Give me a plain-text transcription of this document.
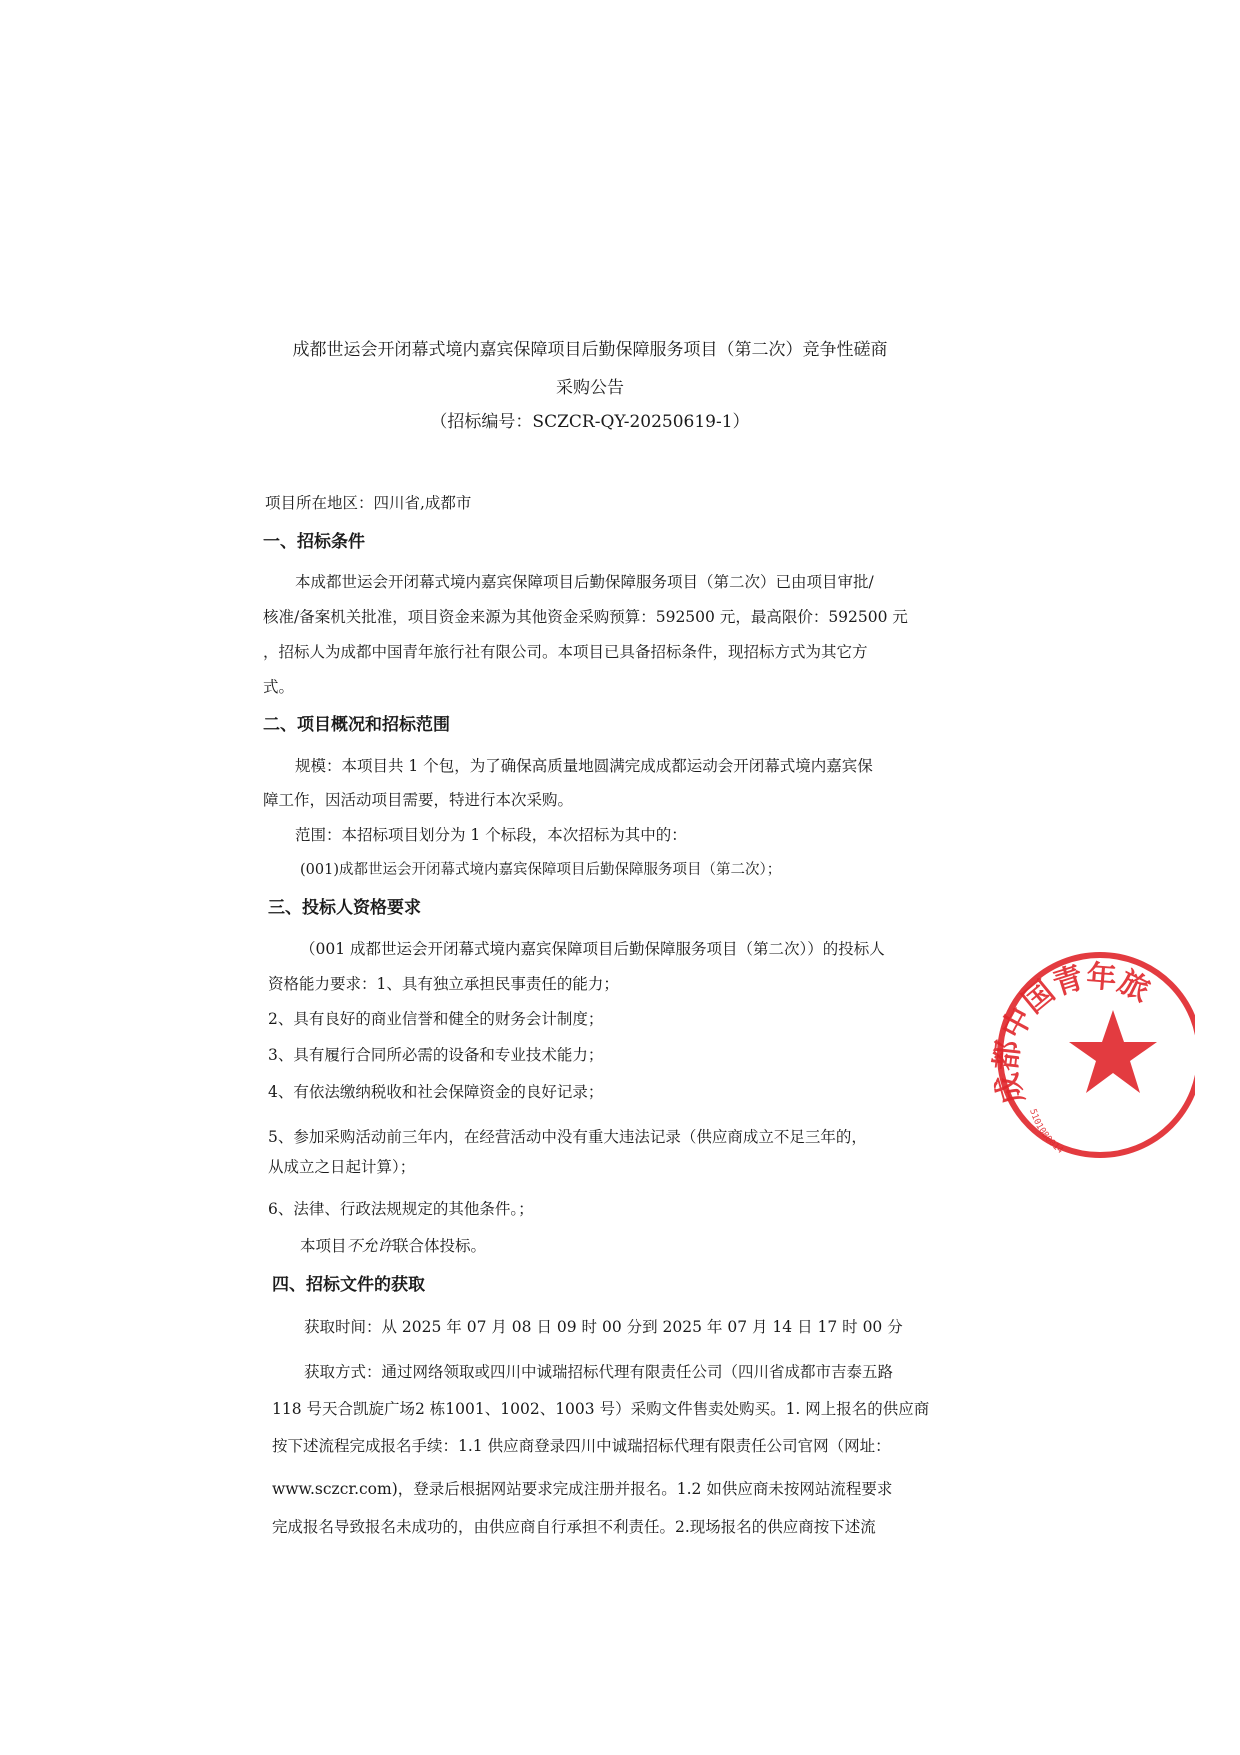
成都世运会开闭幕式境内嘉宾保障项目后勤保障服务项目（第二次）竞争性磋商
采购公告
（招标编号：SCZCR-QY-20250619-1）
项目所在地区：四川省,成都市
一、招标条件
本成都世运会开闭幕式境内嘉宾保障项目后勤保障服务项目（第二次）已由项目审批/
核准/备案机关批准，项目资金来源为其他资金采购预算：592500 元，最高限价：592500 元
，招标人为成都中国青年旅行社有限公司。本项目已具备招标条件，现招标方式为其它方
式。
二、项目概况和招标范围
规模：本项目共 1 个包，为了确保高质量地圆满完成成都运动会开闭幕式境内嘉宾保
障工作，因活动项目需要，特进行本次采购。
范围：本招标项目划分为 1 个标段，本次招标为其中的：
(001)成都世运会开闭幕式境内嘉宾保障项目后勤保障服务项目（第二次）；
三、投标人资格要求
（001 成都世运会开闭幕式境内嘉宾保障项目后勤保障服务项目（第二次））的投标人
资格能力要求：1、具有独立承担民事责任的能力；
2、具有良好的商业信誉和健全的财务会计制度；
3、具有履行合同所必需的设备和专业技术能力；
4、有依法缴纳税收和社会保障资金的良好记录；
5、参加采购活动前三年内，在经营活动中没有重大违法记录（供应商成立不足三年的，
从成立之日起计算）；
6、法律、行政法规规定的其他条件。；
本项目不允许联合体投标。
四、招标文件的获取
获取时间：从 2025 年 07 月 08 日 09 时 00 分到 2025 年 07 月 14 日 17 时 00 分
获取方式：通过网络领取或四川中诚瑞招标代理有限责任公司（四川省成都市吉泰五路
118 号天合凯旋广场2 栋1001、1002、1003 号）采购文件售卖处购买。1. 网上报名的供应商
按下述流程完成报名手续：1.1 供应商登录四川中诚瑞招标代理有限责任公司官网（网址：
www.sczcr.com)，登录后根据网站要求完成注册并报名。1.2 如供应商未按网站流程要求
完成报名导致报名未成功的，由供应商自行承担不利责任。2.现场报名的供应商按下述流
成都中国青年旅
5101080014
